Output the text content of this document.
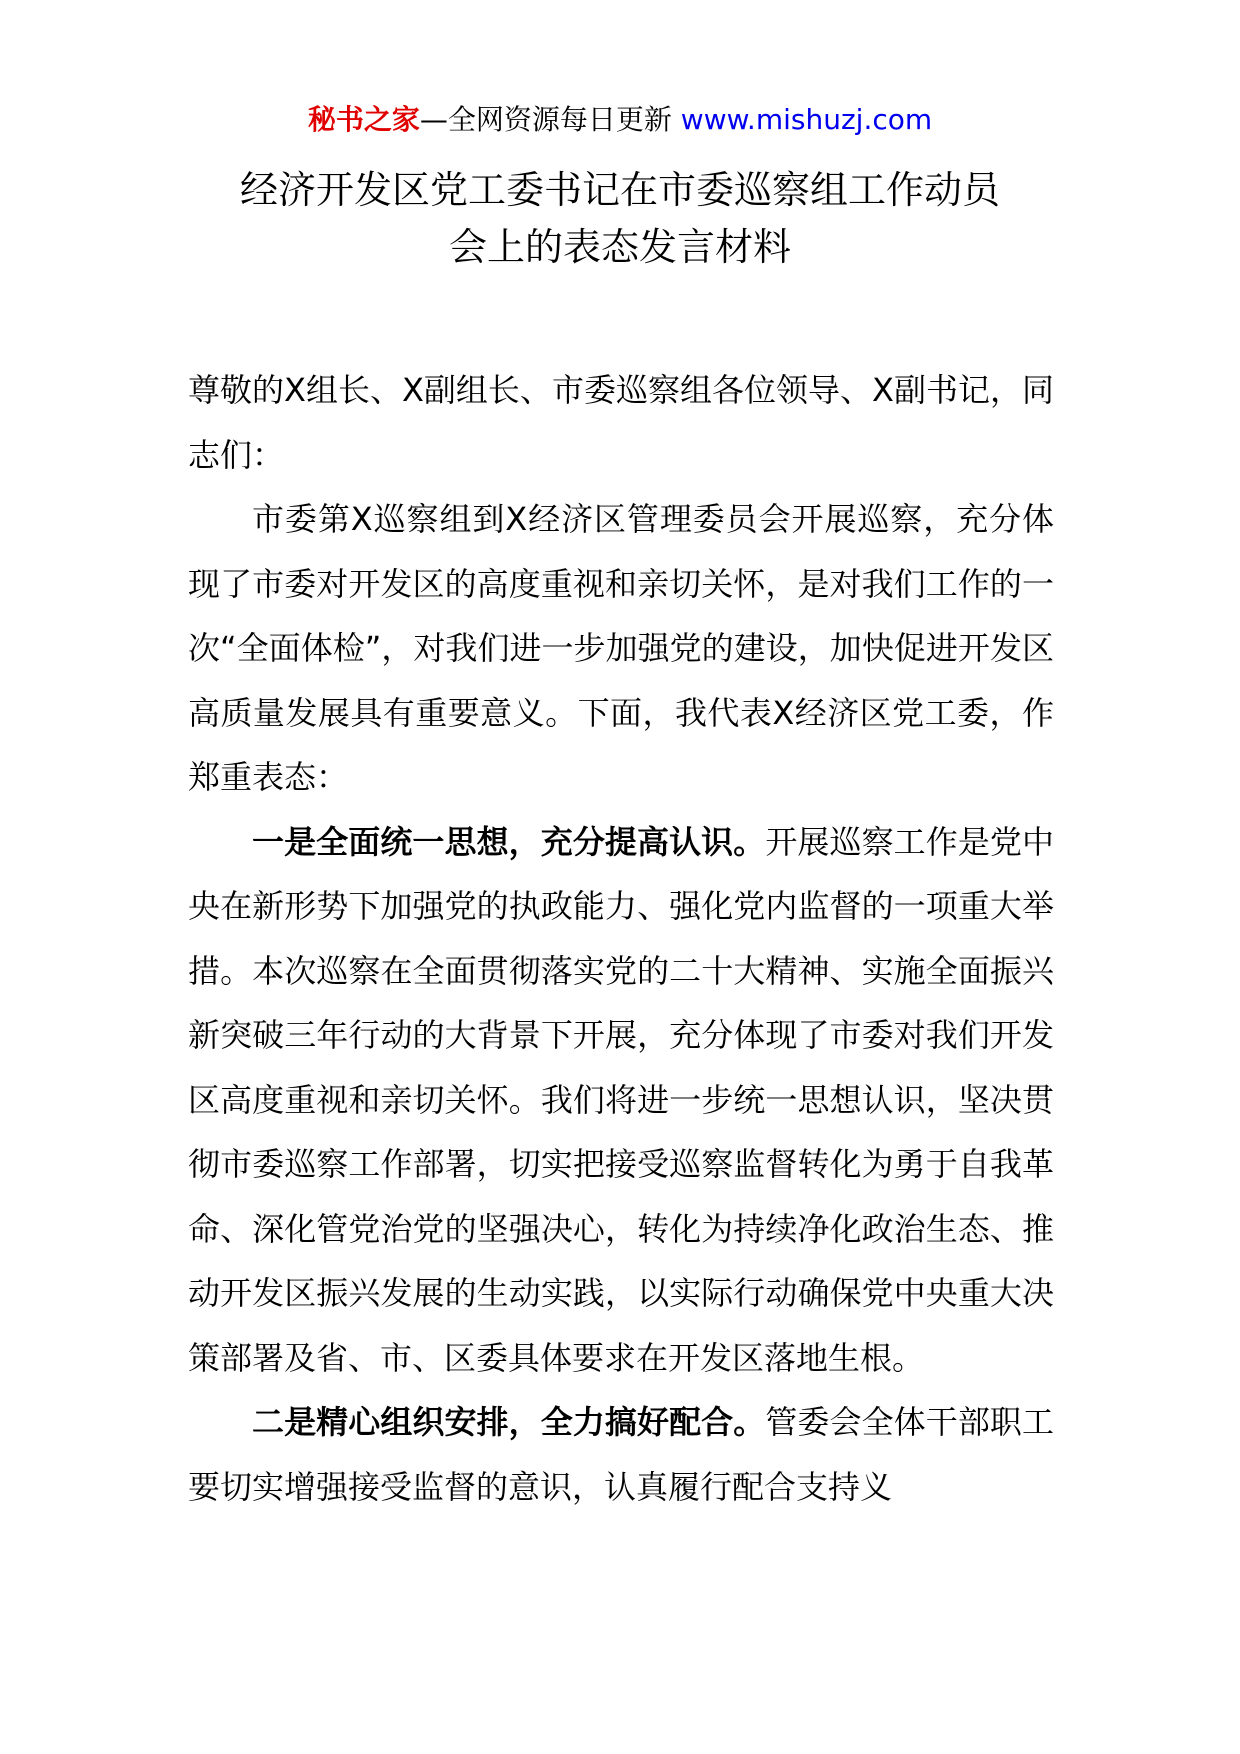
秘书之家—全网资源每日更新 www.mishuzj.com
经济开发区党工委书记在市委巡察组工作动员
会上的表态发言材料

尊敬的X组长、X副组长、市委巡察组各位领导、X副书记，同志们：

市委第X巡察组到X经济区管理委员会开展巡察，充分体现了市委对开发区的高度重视和亲切关怀，是对我们工作的一次“全面体检”，对我们进一步加强党的建设，加快促进开发区高质量发展具有重要意义。下面，我代表X经济区党工委，作郑重表态：

一是全面统一思想，充分提高认识。开展巡察工作是党中央在新形势下加强党的执政能力、强化党内监督的一项重大举措。本次巡察在全面贯彻落实党的二十大精神、实施全面振兴新突破三年行动的大背景下开展，充分体现了市委对我们开发区高度重视和亲切关怀。我们将进一步统一思想认识，坚决贯彻市委巡察工作部署，切实把接受巡察监督转化为勇于自我革命、深化管党治党的坚强决心，转化为持续净化政治生态、推动开发区振兴发展的生动实践，以实际行动确保党中央重大决策部署及省、市、区委具体要求在开发区落地生根。

二是精心组织安排，全力搞好配合。管委会全体干部职工要切实增强接受监督的意识，认真履行配合支持义
